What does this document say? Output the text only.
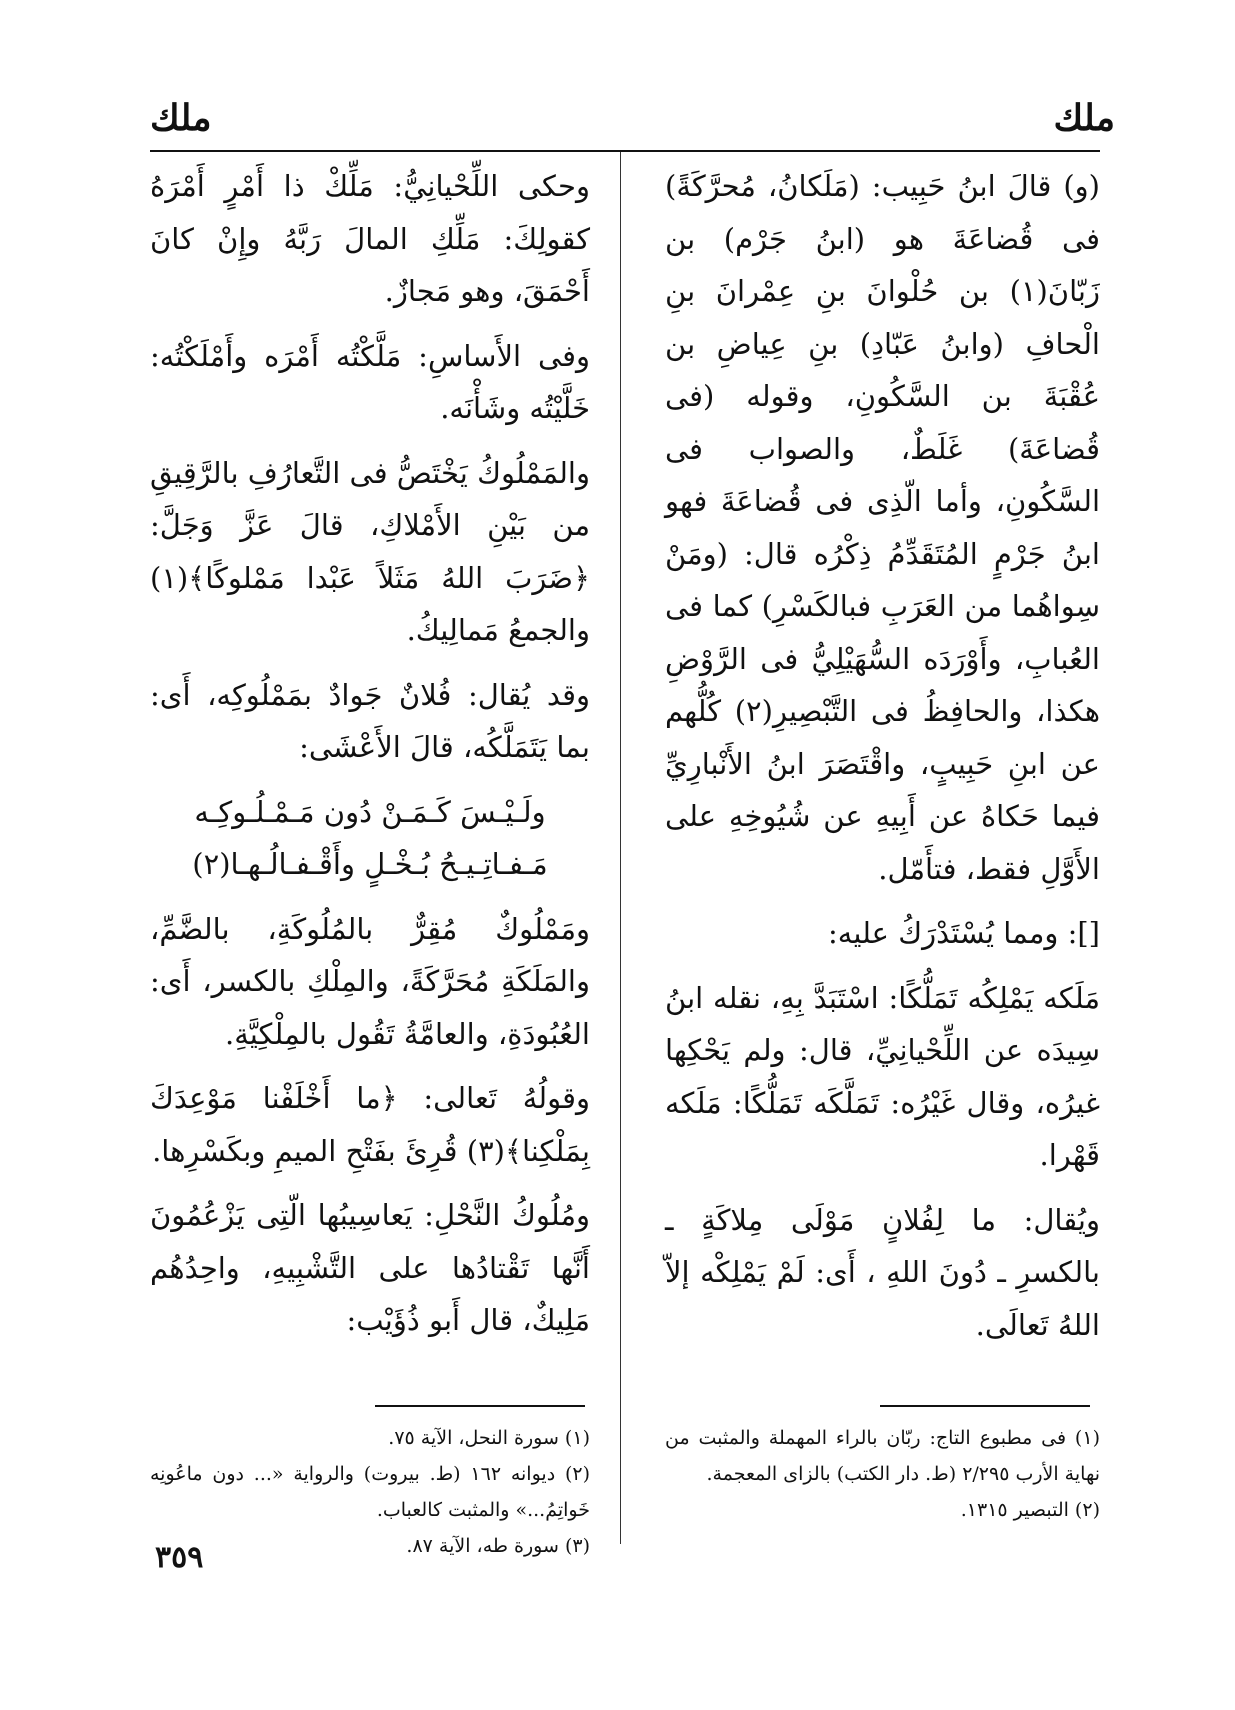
ملك
ملك

(و) قالَ ابنُ حَبِيب: (مَلَكانُ، مُحرَّكَةً) فى قُضاعَةَ هو (ابنُ جَرْم) بن زَبّانَ(١) بن حُلْوانَ بنِ عِمْرانَ بنِ الْحافِ (وابنُ عَبّادِ) بنِ عِياضِ بن عُقْبَةَ بن السَّكُونِ، وقوله (فى قُضاعَةَ) غَلَطٌ، والصواب فى السَّكُونِ، وأما الّذِى فى قُضاعَةَ فهو ابنُ جَرْمٍ المُتَقَدِّمُ ذِكْرُه قال: (ومَنْ سِواهُما من العَرَبِ فبالكَسْرِ) كما فى العُبابِ، وأَوْرَدَه السُّهَيْلِيُّ فى الرَّوْضِ هكذا، والحافِظُ فى التَّبْصِيرِ(٢) كُلُّهم عن ابنِ حَبِيبٍ، واقْتَصَرَ ابنُ الأَنْبارِيِّ فيما حَكاهُ عن أَبِيهِ عن شُيُوخِهِ على الأَوَّلِ فقط، فتأَمّل.

[]: ومما يُسْتَدْرَكُ عليه:

مَلَكه يَمْلِكُه تَمَلُّكًا: اسْتَبَدَّ بِهِ، نقله ابنُ سِيدَه عن اللِّحْيانِيِّ، قال: ولم يَحْكِها غيرُه، وقال غَيْرُه: تَمَلَّكَه تَمَلُّكًا: مَلَكه قَهْرا.

ويُقال: ما لِفُلانٍ مَوْلَى مِلاكَةٍ ـ بالكسرِ ـ دُونَ اللهِ ، أَى: لَمْ يَمْلِكْه إلاّ اللهُ تَعالَى.

وحكى اللِّحْيانِيُّ: مَلِّكْ ذا أَمْرٍ أَمْرَهُ كقولِكَ: مَلِّكِ المالَ رَبَّهُ وإِنْ كانَ أَحْمَقَ، وهو مَجازٌ.

وفى الأَساسِ: مَلَّكْتُه أَمْرَه وأَمْلَكْتُه: خَلَّيْتُه وشَأْنَه.

والمَمْلُوكُ يَخْتَصُّ فى التَّعارُفِ بالرَّقِيقِ من بَيْنِ الأَمْلاكِ، قالَ عَزَّ وَجَلَّ: ﴿ضَرَبَ اللهُ مَثَلاً عَبْدا مَمْلوكًا﴾(١) والجمعُ مَمالِيكُ.

وقد يُقال: فُلانٌ جَوادٌ بمَمْلُوكِه، أَى: بما يَتَمَلَّكُه، قالَ الأَعْشَى:

ولَـيْـسَ كَـمَـنْ دُون مَـمْـلُـوكِـه

مَـفـاتِـيـحُ بُـخْـلٍ وأَقْـفـالُـهـا(٢)

ومَمْلُوكٌ مُقِرٌّ بالمُلُوكَةِ، بالضَّمِّ، والمَلَكَةِ مُحَرَّكَةً، والمِلْكِ بالكسر، أَى: العُبُودَةِ، والعامَّةُ تَقُول بالمِلْكِيَّةِ.

وقولُهُ تَعالى: ﴿ما أَخْلَفْنا مَوْعِدَكَ بِمَلْكِنا﴾(٣) قُرِئَ بفَتْحِ الميمِ وبكَسْرِها.

ومُلُوكُ النَّحْلِ: يَعاسِيبُها الّتِى يَزْعُمُونَ أَنَّها تَقْتادُها على التَّشْبِيهِ، واحِدُهُم مَلِيكٌ، قال أَبو ذُؤَيْب:

(١) فى مطبوع التاج: ربّان بالراء المهملة والمثبت من نهاية الأرب ٢/٢٩٥ (ط. دار الكتب) بالزاى المعجمة.
(٢) التبصير ١٣١٥.
(١) سورة النحل، الآية ٧٥.
(٢) ديوانه ١٦٢ (ط. بيروت) والرواية «... دون ماعُونِه خَواتِمُ...» والمثبت كالعباب.
(٣) سورة طه، الآية ٨٧.
٣٥٩
